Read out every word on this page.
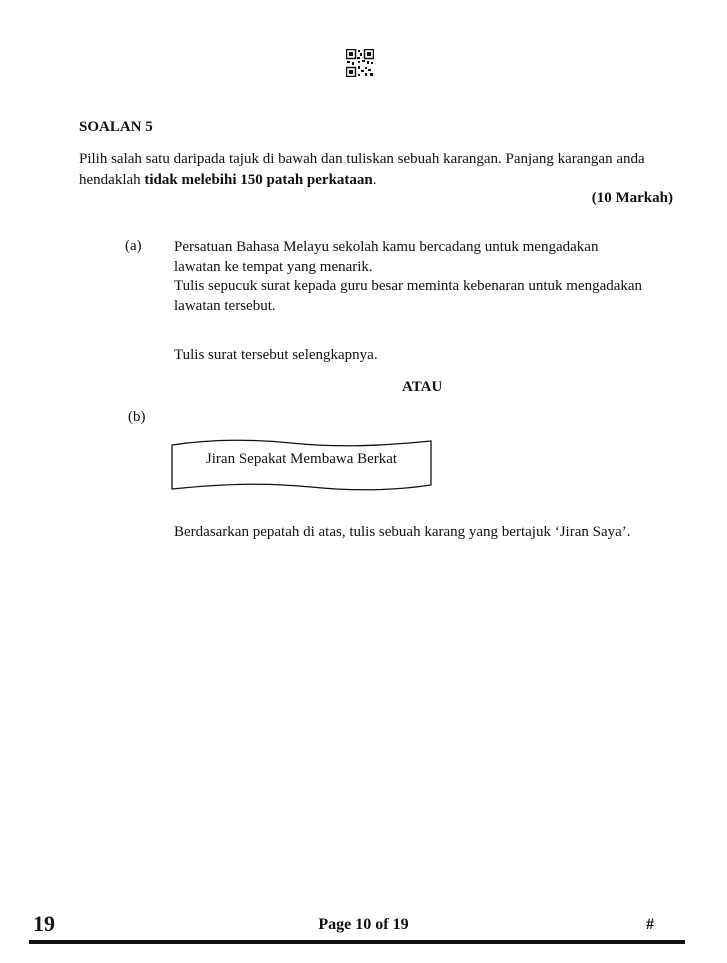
SOALAN 5
Pilih salah satu daripada tajuk di bawah dan tuliskan sebuah karangan. Panjang karangan anda hendaklah tidak melebihi 150 patah perkataan.
(10 Markah)
(a) Persatuan Bahasa Melayu sekolah kamu bercadang untuk mengadakan
lawatan ke tempat yang menarik.
Tulis sepucuk surat kepada guru besar meminta kebenaran untuk mengadakan
lawatan tersebut.
Tulis surat tersebut selengkapnya.
ATAU
(b)
Jiran Sepakat Membawa Berkat
Berdasarkan pepatah di atas, tulis sebuah karang yang bertajuk ‘Jiran Saya’.
19	Page 10 of 19	#
